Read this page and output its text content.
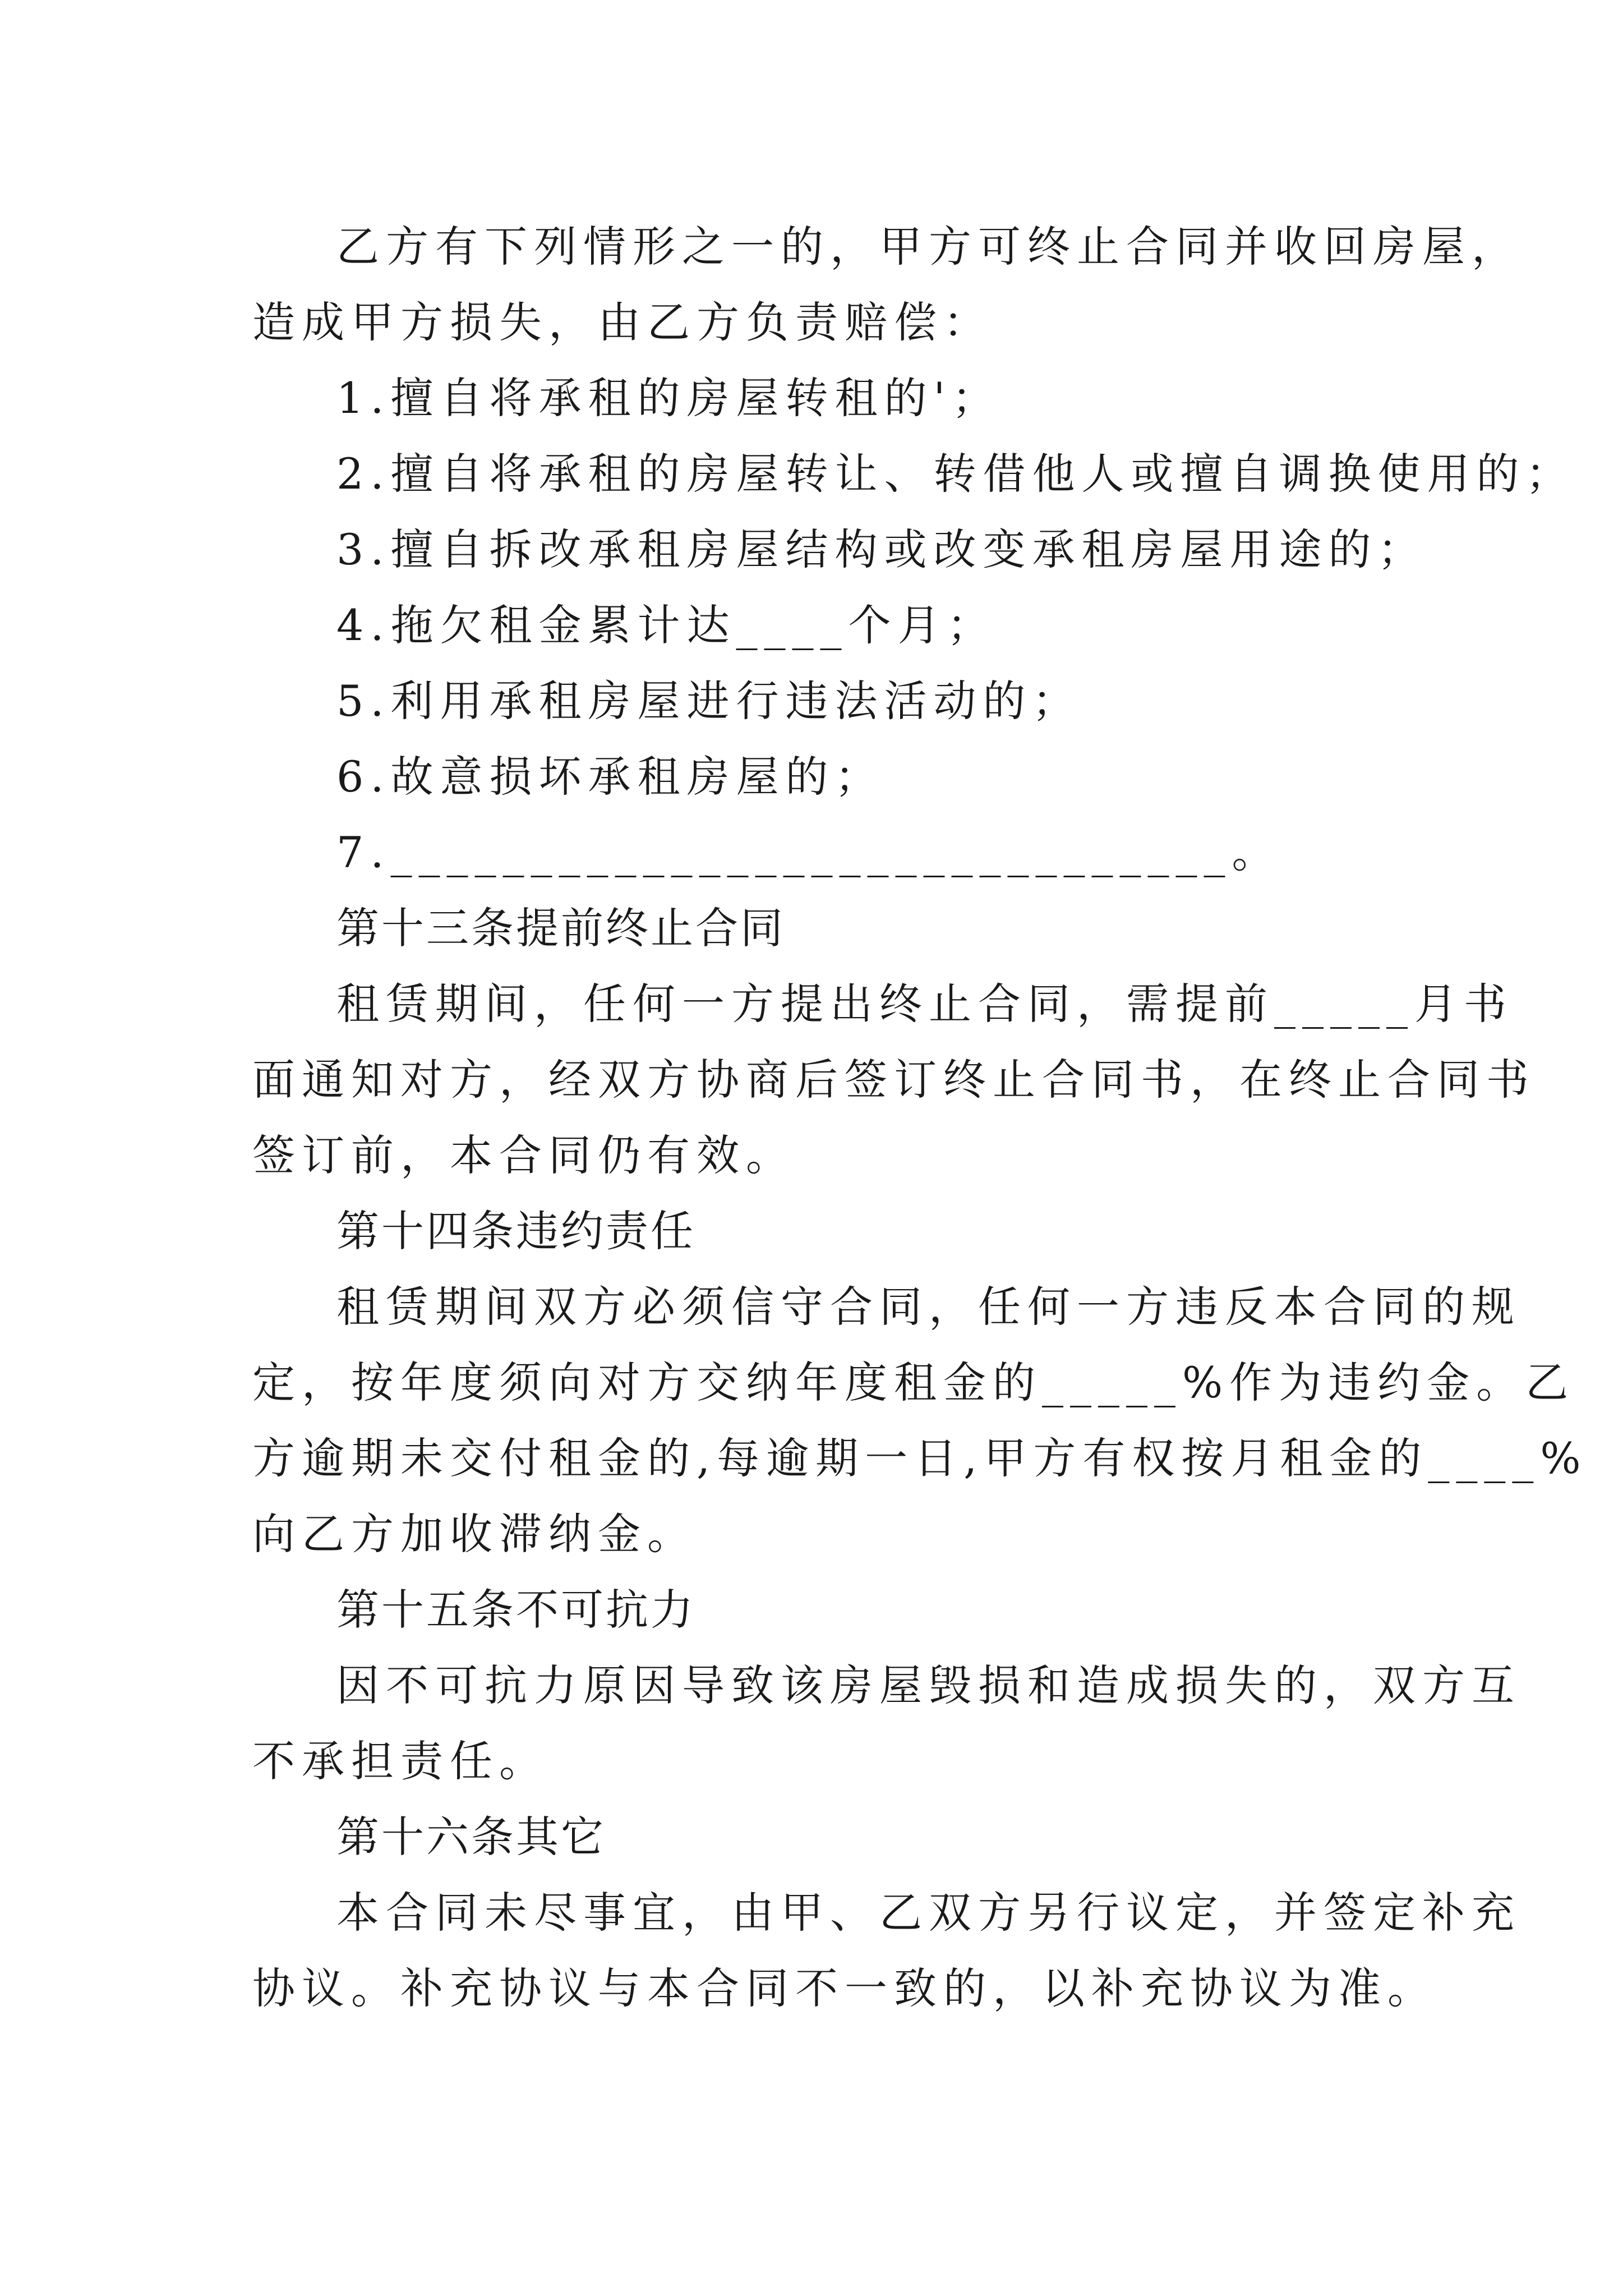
乙方有下列情形之一的，甲方可终止合同并收回房屋，
造成甲方损失，由乙方负责赔偿：
1.擅自将承租的房屋转租的'；
2.擅自将承租的房屋转让、转借他人或擅自调换使用的；
3.擅自拆改承租房屋结构或改变承租房屋用途的；
4.拖欠租金累计达____个月；
5.利用承租房屋进行违法活动的；
6.故意损坏承租房屋的；
7.______________________________。
第十三条提前终止合同
租赁期间，任何一方提出终止合同，需提前_____月书
面通知对方，经双方协商后签订终止合同书，在终止合同书
签订前，本合同仍有效。
第十四条违约责任
租赁期间双方必须信守合同，任何一方违反本合同的规
定，按年度须向对方交纳年度租金的_____%作为违约金。乙
方逾期未交付租金的,每逾期一日,甲方有权按月租金的____%
向乙方加收滞纳金。
第十五条不可抗力
因不可抗力原因导致该房屋毁损和造成损失的，双方互
不承担责任。
第十六条其它
本合同未尽事宜，由甲、乙双方另行议定，并签定补充
协议。补充协议与本合同不一致的，以补充协议为准。
